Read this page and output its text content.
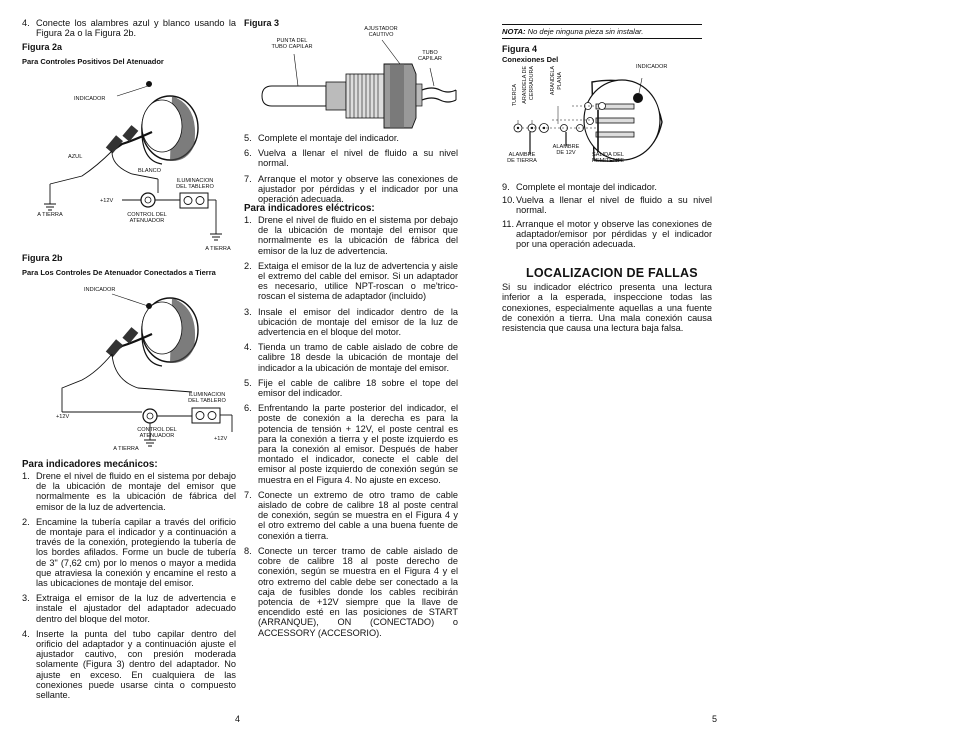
4. Conecte los alambres azul y blanco usando la Figura 2a o la Figura 2b.
Figura 2a
Para Controles Positivos Del Atenuador
INDICADOR
AZUL
BLANCO
ILUMINACION
DEL TABLERO
+12V
A TIERRA	CONTROL DEL
ATENUADOR
A TIERRA
Figura 2b
Para Los Controles De Atenuador Conectados a Tierra
INDICADOR
ILUMINACION
DEL TABLERO
+12V
CONTROL DEL
ATENUADOR	+12V
A TIERRA
Para indicadores mecánicos:
1. Drene el nivel de fluido en el sistema por debajo de la ubicación de montaje del emisor que normalmente es la ubicación de fábrica del emisor de la luz de advertencia.
2. Encamine la tubería capilar a través del orificio de montaje para el indicador y a continuación a través de la conexión, protegiendo la tubería de los bordes afilados. Forme un bucle de tubería de 3" (7,62 cm) por lo menos o mayor a medida que atraviesa la conexión y encamine el resto a las ubicaciones de montaje del emisor.
3. Extraiga el emisor de la luz de advertencia e instale el ajustador del adaptador adecuado dentro del bloque del motor.
4. Inserte la punta del tubo capilar dentro del orificio del adaptador y a continuación ajuste el ajustador cautivo, con presión moderada solamente (Figura 3) dentro del adaptador. No ajuste en exceso. En cualquiera de las conexiones puede usarse cinta o compuesto sellante.
4
Figura 3
PUNTA DEL
TUBO CAPILAR
AJUSTADOR
CAUTIVO
TUBO
CAPILAR
5. Complete el montaje del indicador.
6. Vuelva a llenar el nivel de fluido a su nivel normal.
7. Arranque el motor y observe las conexiones de ajustador por pérdidas y el indicador por una operación adecuada.
Para indicadores eléctricos:
1. Drene el nivel de fluido en el sistema por debajo de la ubicación de montaje del emisor que normalmente es la ubicación de fábrica del emisor de la luz de advertencia.
2. Extaiga el emisor de la luz de advertencia y aisle el extremo del cable del emisor. Si un adaptador es necesario, utilice NPT-roscan o me'trico-roscan el sistema de adaptador (incluido)
3. Insale el emisor del indicador dentro de la ubicación de montaje del emisor de la luz de advertencia en el bloque del motor.
4. Tienda un tramo de cable aislado de cobre de calibre 18 desde la ubicación de montaje del indicador a la ubicación de montaje del emisor.
5. Fije el cable de calibre 18 sobre el tope del emisor del indicador.
6. Enfrentando la parte posterior del indicador, el poste de conexión a la derecha es para la potencia de tensión + 12V, el poste central es para la conexión a tierra y el poste izquierdo es para la conexión al emisor. Después de haber montado el indicador, conecte el cable del emisor al poste izquierdo de conexión según se muestra en el Figura 4. No ajuste en exceso.
7. Conecte un extremo de otro tramo de cable aislado de cobre de calibre 18 al poste central de conexión, según se muestra en el Figura 4 y el otro extremo del cable a una buena fuente de conexión a tierra.
8. Conecte un tercer tramo de cable aislado de cobre de calibre 18 al poste derecho de conexión, según se muestra en el Figura 4 y el otro extremo del cable debe ser conectado a la caja de fusibles donde los cables recibirán potencia de +12V siempre que la llave de encendido esté en las posiciones de START (ARRANQUE), ON (CONECTADO) o ACCESSORY (ACCESORIO).
NOTA: No deje ninguna pieza sin instalar.
Figura 4
Conexiones Del
TUERCA ARANDELA DE CERRADURA	ARANDELA PLANA
INDICADOR
ALAMBRE
DE TIERRA
ALAMBRE
DE 12V	SALIDA DEL
REMITENTE
9. Complete el montaje del indicador.
10. Vuelva a llenar el nivel de fluido a su nivel normal.
11. Arranque el motor y observe las conexiones de adaptador/emisor por pérdidas y el indicador por una operación adecuada.
LOCALIZACION DE FALLAS
Si su indicador eléctrico presenta una lectura inferior a la esperada, inspeccione todas las conexiones, especialmente aquellas a una fuente de conexión a tierra. Una mala conexión causa resistencia que causa una lectura baja falsa.
5
